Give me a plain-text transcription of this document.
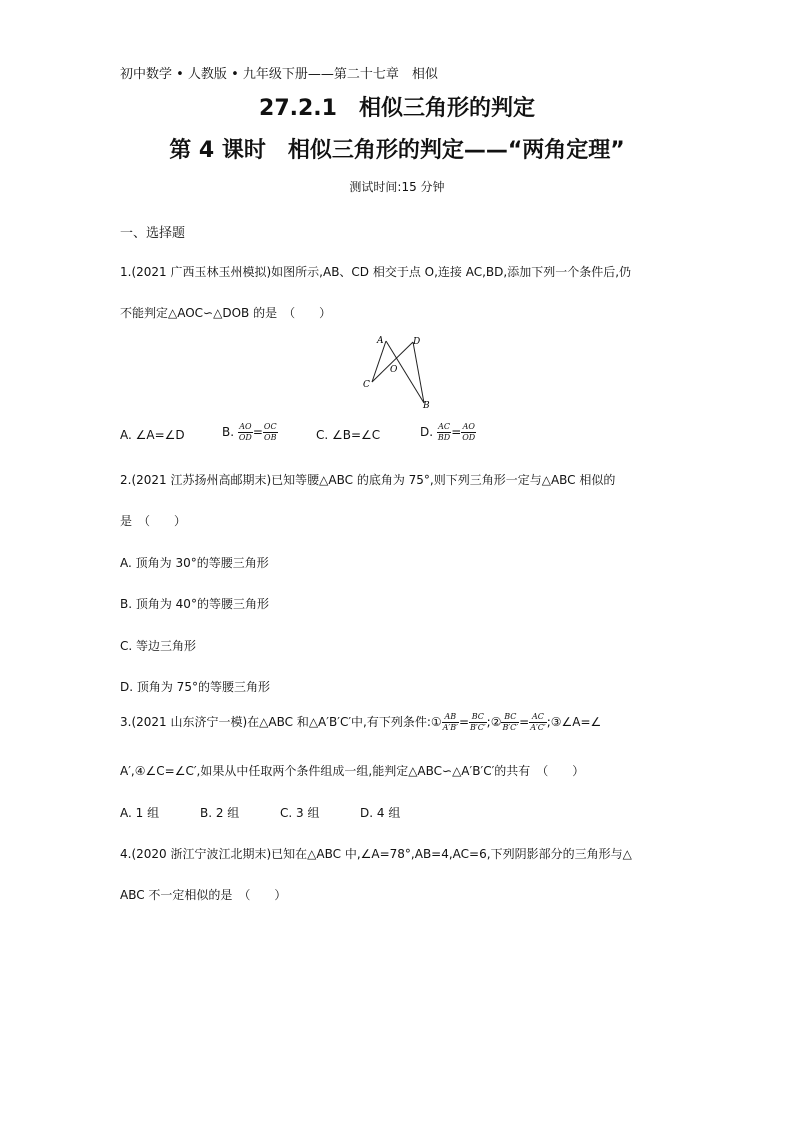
初中数学 • 人教版 • 九年级下册——第二十七章　相似
27.2.1　相似三角形的判定
第 4 课时　相似三角形的判定——“两角定理”
测试时间:15 分钟
一、选择题
1.(2021 广西玉林玉州模拟)如图所示,AB、CD 相交于点 O,连接 AC,BD,添加下列一个条件后,仍
不能判定△AOC∽△DOB 的是　（　　）
A	D
O
C
B
A. ∠A=∠D	B. $\frac{AO}{OD} = \frac{OC}{OB}$	C. ∠B=∠C	D. $\frac{AC}{BD} = \frac{AO}{OD}$
2.(2021 江苏扬州高邮期末)已知等腰△ABC 的底角为 75°,则下列三角形一定与△ABC 相似的
是　（　　）
A. 顶角为 30°的等腰三角形
B. 顶角为 40°的等腰三角形
C. 等边三角形
D. 顶角为 75°的等腰三角形
3.(2021 山东济宁一模)在△ABC 和△A′B′C′中,有下列条件:① $\frac{AB}{A'B'} = \frac{BC}{B'C'}$ ;② $\frac{BC}{B'C'} = \frac{AC}{A'C'}$ ;③∠A=∠
A′,④∠C=∠C′,如果从中任取两个条件组成一组,能判定△ABC∽△A′B′C′的共有　（　　）
A. 1 组	B. 2 组	C. 3 组	D. 4 组
4.(2020 浙江宁波江北期末)已知在△ABC 中,∠A=78°,AB=4,AC=6,下列阴影部分的三角形与△
ABC 不一定相似的是　（　　）
